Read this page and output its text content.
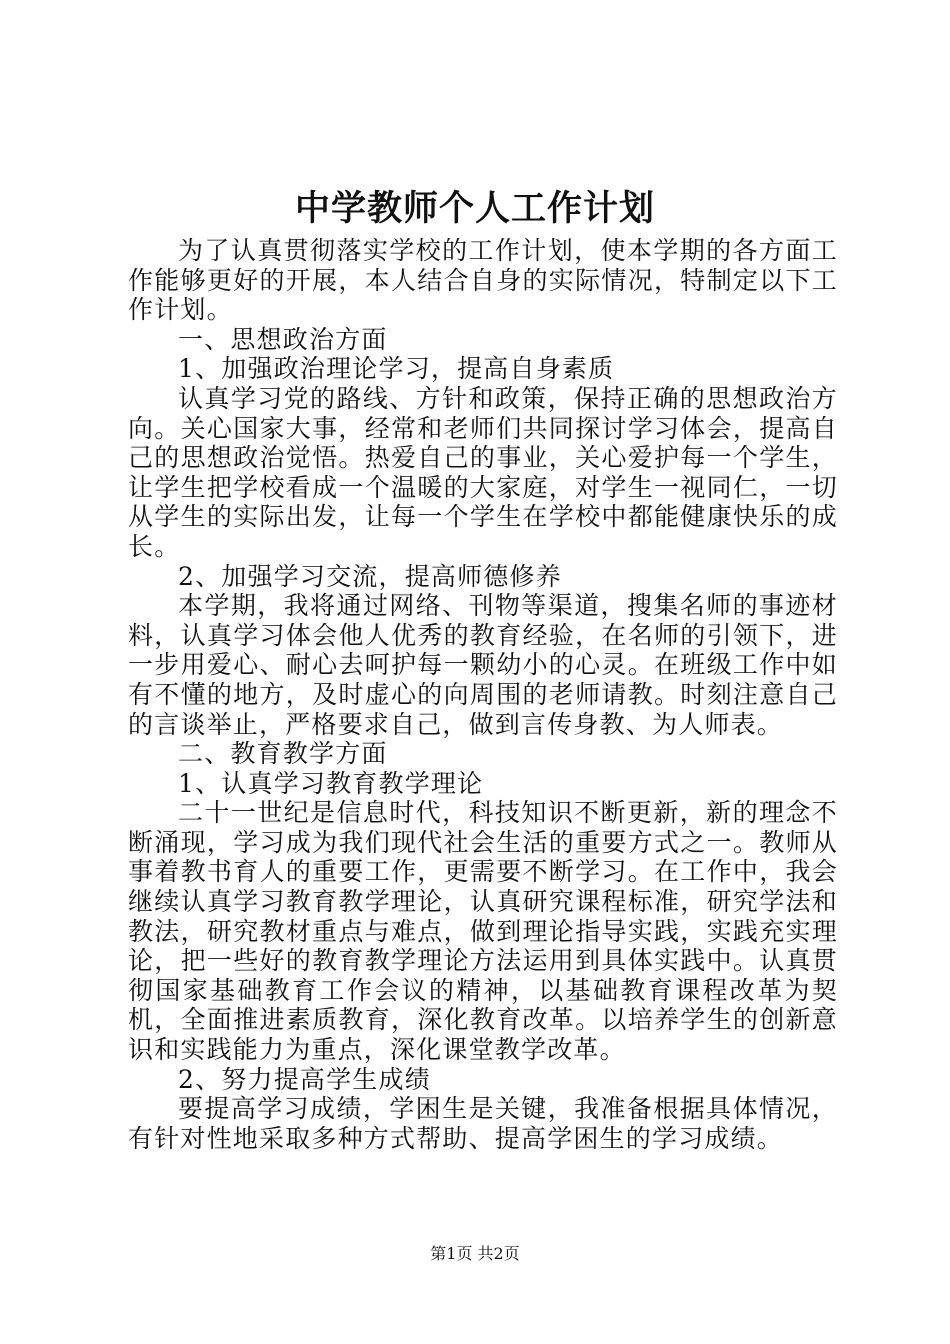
中学教师个人工作计划

为了认真贯彻落实学校的工作计划，使本学期的各方面工作能够更好的开展，本人结合自身的实际情况，特制定以下工作计划。

一、思想政治方面

1、加强政治理论学习，提高自身素质

认真学习党的路线、方针和政策，保持正确的思想政治方向。关心国家大事，经常和老师们共同探讨学习体会，提高自己的思想政治觉悟。热爱自己的事业，关心爱护每一个学生，让学生把学校看成一个温暖的大家庭，对学生一视同仁，一切从学生的实际出发，让每一个学生在学校中都能健康快乐的成长。

2、加强学习交流，提高师德修养

本学期，我将通过网络、刊物等渠道，搜集名师的事迹材料，认真学习体会他人优秀的教育经验，在名师的引领下，进一步用爱心、耐心去呵护每一颗幼小的心灵。在班级工作中如有不懂的地方，及时虚心的向周围的老师请教。时刻注意自己的言谈举止，严格要求自己，做到言传身教、为人师表。

二、教育教学方面

1、认真学习教育教学理论

二十一世纪是信息时代，科技知识不断更新，新的理念不断涌现，学习成为我们现代社会生活的重要方式之一。教师从事着教书育人的重要工作，更需要不断学习。在工作中，我会继续认真学习教育教学理论，认真研究课程标准，研究学法和教法，研究教材重点与难点，做到理论指导实践，实践充实理论，把一些好的教育教学理论方法运用到具体实践中。认真贯彻国家基础教育工作会议的精神，以基础教育课程改革为契机，全面推进素质教育，深化教育改革。以培养学生的创新意识和实践能力为重点，深化课堂教学改革。

2、努力提高学生成绩

要提高学习成绩，学困生是关键，我准备根据具体情况，有针对性地采取多种方式帮助、提高学困生的学习成绩。

第1页 共2页
